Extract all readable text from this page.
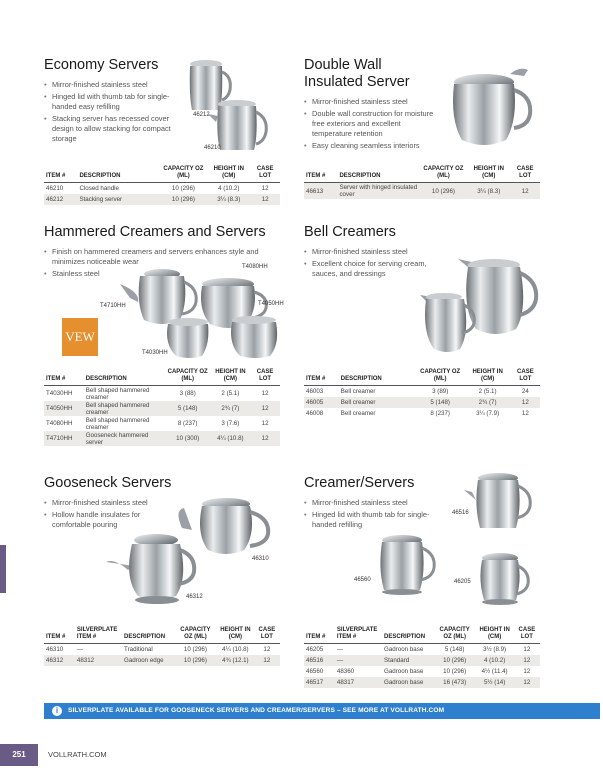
Economy Servers
• Mirror-finished stainless steel
• Hinged lid with thumb tab for single-handed easy refilling
• Stacking server has recessed cover design to allow stacking for compact storage
46212
46210
ITEM #	DESCRIPTION	CAPACITY OZ (ML)	HEIGHT IN (CM)	CASE LOT
46210	Closed handle	10 (296)	4 (10.2)	12
46212	Stacking server	10 (296)	3¼ (8.3)	12
Double Wall
Insulated Server
• Mirror-finished stainless steel
• Double wall construction for moisture free exteriors and excellent temperature retention
• Easy cleaning seamless interiors
ITEM #	DESCRIPTION	CAPACITY OZ (ML)	HEIGHT IN (CM)	CASE LOT
46613	Server with hinged insulated cover	10 (296)	3¼ (8.3)	12
Hammered Creamers and Servers
• Finish on hammered creamers and servers enhances style and minimizes noticeable wear
• Stainless steel
T4080HH
T4710HH	T4050HH
T4030HH
VEW
ITEM #	DESCRIPTION	CAPACITY OZ (ML)	HEIGHT IN (CM)	CASE LOT
T4030HH	Bell shaped hammered creamer	3 (88)	2 (5.1)	12
T4050HH	Bell shaped hammered creamer	5 (148)	2¾ (7)	12
T4080HH	Bell shaped hammered creamer	8 (237)	3 (7.6)	12
T4710HH	Gooseneck hammered server	10 (300)	4¼ (10.8)	12
Bell Creamers
• Mirror-finished stainless steel
• Excellent choice for serving cream, sauces, and dressings
ITEM #	DESCRIPTION	CAPACITY OZ (ML)	HEIGHT IN (CM)	CASE LOT
46003	Bell creamer	3 (89)	2 (5.1)	24
46005	Bell creamer	5 (148)	2¾ (7)	12
46008	Bell creamer	8 (237)	3¼ (7.9)	12
Gooseneck Servers
• Mirror-finished stainless steel
• Hollow handle insulates for comfortable pouring
46310
46312
ITEM #	SILVERPLATE ITEM #	DESCRIPTION	CAPACITY OZ (ML)	HEIGHT IN (CM)	CASE LOT
46310	—	Traditional	10 (296)	4¼ (10.8)	12
46312	48312	Gadroon edge	10 (296)	4¾ (12.1)	12
Creamer/Servers
• Mirror-finished stainless steel
• Hinged lid with thumb tab for single-handed refilling
46516
46560	46205
ITEM #	SILVERPLATE ITEM #	DESCRIPTION	CAPACITY OZ (ML)	HEIGHT IN (CM)	CASE LOT
46205	—	Gadroon base	5 (148)	3½ (8.9)	12
46516	—	Standard	10 (296)	4 (10.2)	12
46560	48360	Gadroon base	10 (296)	4½ (11.4)	12
46517	48317	Gadroon base	16 (473)	5½ (14)	12
i	SILVERPLATE AVAILABLE FOR GOOSENECK SERVERS AND CREAMER/SERVERS – SEE MORE AT VOLLRATH.COM
251	VOLLRATH.COM
